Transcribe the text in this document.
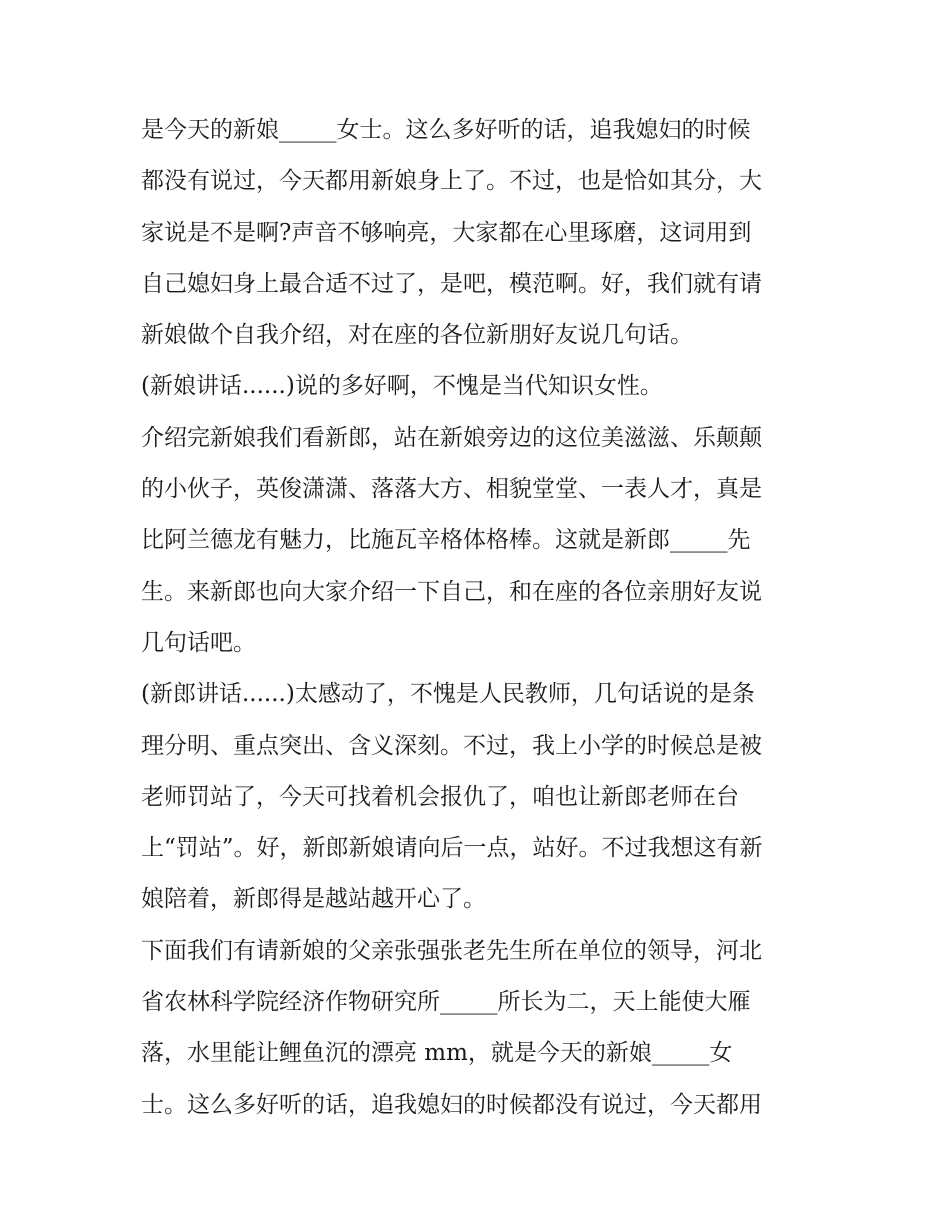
是今天的新娘_____女士。这么多好听的话，追我媳妇的时候
都没有说过，今天都用新娘身上了。不过，也是恰如其分，大
家说是不是啊?声音不够响亮，大家都在心里琢磨，这词用到
自己媳妇身上最合适不过了，是吧，模范啊。好，我们就有请
新娘做个自我介绍，对在座的各位新朋好友说几句话。
(新娘讲话......)说的多好啊，不愧是当代知识女性。
介绍完新娘我们看新郎，站在新娘旁边的这位美滋滋、乐颠颠
的小伙子，英俊潇潇、落落大方、相貌堂堂、一表人才，真是
比阿兰德龙有魅力，比施瓦辛格体格棒。这就是新郎_____先
生。来新郎也向大家介绍一下自己，和在座的各位亲朋好友说
几句话吧。
(新郎讲话......)太感动了，不愧是人民教师，几句话说的是条
理分明、重点突出、含义深刻。不过，我上小学的时候总是被
老师罚站了，今天可找着机会报仇了，咱也让新郎老师在台
上“罚站”。好，新郎新娘请向后一点，站好。不过我想这有新
娘陪着，新郎得是越站越开心了。
下面我们有请新娘的父亲张强张老先生所在单位的领导，河北
省农林科学院经济作物研究所_____所长为二，天上能使大雁
落，水里能让鲤鱼沉的漂亮 mm，就是今天的新娘_____女
士。这么多好听的话，追我媳妇的时候都没有说过，今天都用
